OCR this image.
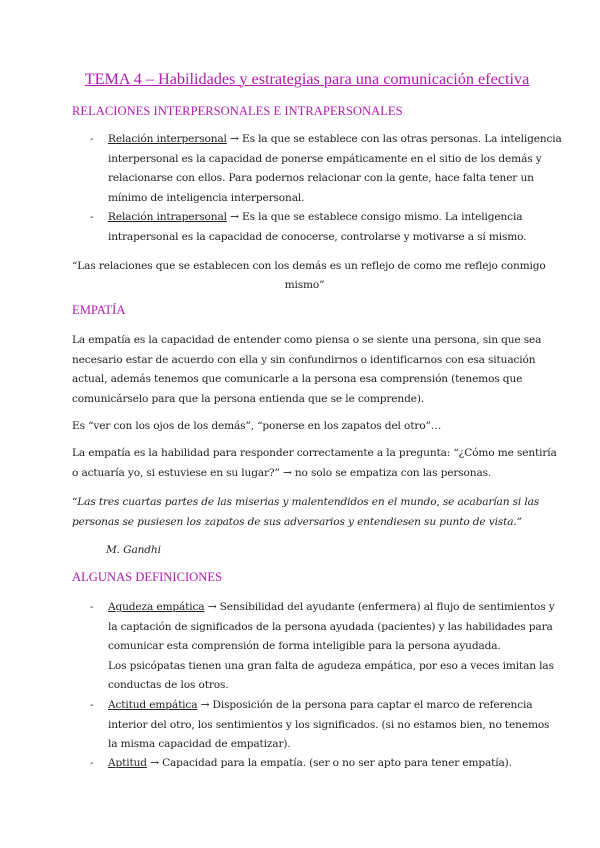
TEMA 4 – Habilidades y estrategias para una comunicación efectiva
RELACIONES INTERPERSONALES E INTRAPERSONALES
- Relación interpersonal → Es la que se establece con las otras personas. La inteligencia
interpersonal es la capacidad de ponerse empáticamente en el sitio de los demás y
relacionarse con ellos. Para podernos relacionar con la gente, hace falta tener un
mínimo de inteligencia interpersonal.
- Relación intrapersonal → Es la que se establece consigo mismo. La inteligencia
intrapersonal es la capacidad de conocerse, controlarse y motivarse a sí mismo.
“Las relaciones que se establecen con los demás es un reflejo de como me reflejo conmigo
mismo”
EMPATÍA
La empatía es la capacidad de entender como piensa o se siente una persona, sin que sea
necesario estar de acuerdo con ella y sin confundirnos o identificarnos con esa situación
actual, además tenemos que comunicarle a la persona esa comprensión (tenemos que
comunicárselo para que la persona entienda que se le comprende).
Es “ver con los ojos de los demás”, “ponerse en los zapatos del otro”…
La empatía es la habilidad para responder correctamente a la pregunta: “¿Cómo me sentiría
o actuaría yo, si estuviese en su lugar?” → no solo se empatiza con las personas.
“Las tres cuartas partes de las miserias y malentendidos en el mundo, se acabarían si las
personas se pusiesen los zapatos de sus adversarios y entendiesen su punto de vista.”
M. Gandhi
ALGUNAS DEFINICIONES
- Agudeza empática → Sensibilidad del ayudante (enfermera) al flujo de sentimientos y
la captación de significados de la persona ayudada (pacientes) y las habilidades para
comunicar esta comprensión de forma inteligible para la persona ayudada.
Los psicópatas tienen una gran falta de agudeza empática, por eso a veces imitan las
conductas de los otros.
- Actitud empática → Disposición de la persona para captar el marco de referencia
interior del otro, los sentimientos y los significados. (si no estamos bien, no tenemos
la misma capacidad de empatizar).
- Aptitud → Capacidad para la empatía. (ser o no ser apto para tener empatía).
